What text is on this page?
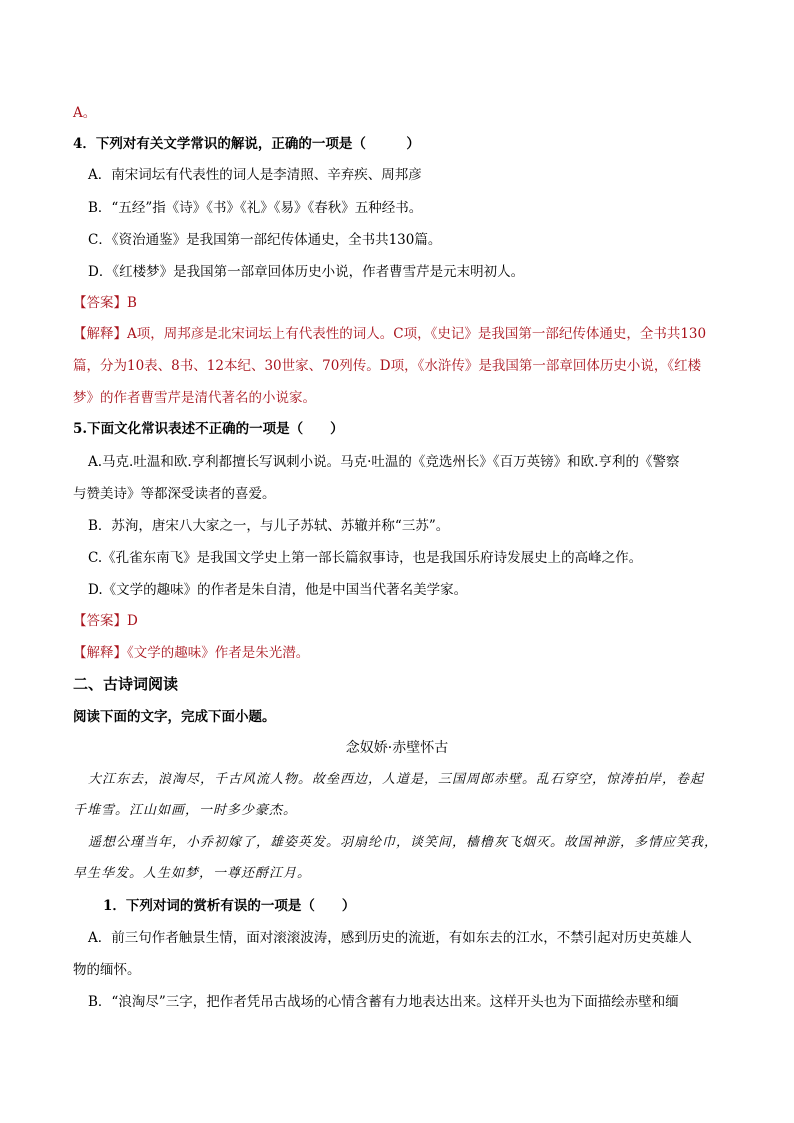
A。
4．下列对有关文学常识的解说，正确的一项是（　　　）
A．南宋词坛有代表性的词人是李清照、辛弃疾、周邦彦
B．“五经”指《诗》《书》《礼》《易》《春秋》五种经书。
C．《资治通鉴》是我国第一部纪传体通史，全书共130篇。
D．《红楼梦》是我国第一部章回体历史小说，作者曹雪芹是元末明初人。
【答案】B
【解释】A项，周邦彦是北宋词坛上有代表性的词人。C项，《史记》是我国第一部纪传体通史，全书共130
篇，分为10表、8书、12本纪、30世家、70列传。D项，《水浒传》是我国第一部章回体历史小说，《红楼
梦》的作者曹雪芹是清代著名的小说家。
5.下面文化常识表述不正确的一项是（　　）
A.马克.吐温和欧.亨利都擅长写讽刺小说。马克·吐温的《竞选州长》《百万英镑》和欧.亨利的《警察
与赞美诗》等都深受读者的喜爱。
B．苏洵，唐宋八大家之一，与儿子苏轼、苏辙并称“三苏”。
C.《孔雀东南飞》是我国文学史上第一部长篇叙事诗，也是我国乐府诗发展史上的高峰之作。
D.《文学的趣味》的作者是朱自清，他是中国当代著名美学家。
【答案】D
【解释】《文学的趣味》作者是朱光潜。
二、古诗词阅读
阅读下面的文字，完成下面小题。
念奴娇·赤壁怀古
大江东去，浪淘尽，千古风流人物。故垒西边，人道是，三国周郎赤壁。乱石穿空，惊涛拍岸，卷起
千堆雪。江山如画，一时多少豪杰。
遥想公瑾当年，小乔初嫁了，雄姿英发。羽扇纶巾，谈笑间，樯橹灰飞烟灭。故国神游，多情应笑我，
早生华发。人生如梦，一尊还酹江月。
1．下列对词的赏析有误的一项是（　　）
A．前三句作者触景生情，面对滚滚波涛，感到历史的流逝，有如东去的江水，不禁引起对历史英雄人
物的缅怀。
B．“浪淘尽”三字，把作者凭吊古战场的心情含蓄有力地表达出来。这样开头也为下面描绘赤壁和缅
